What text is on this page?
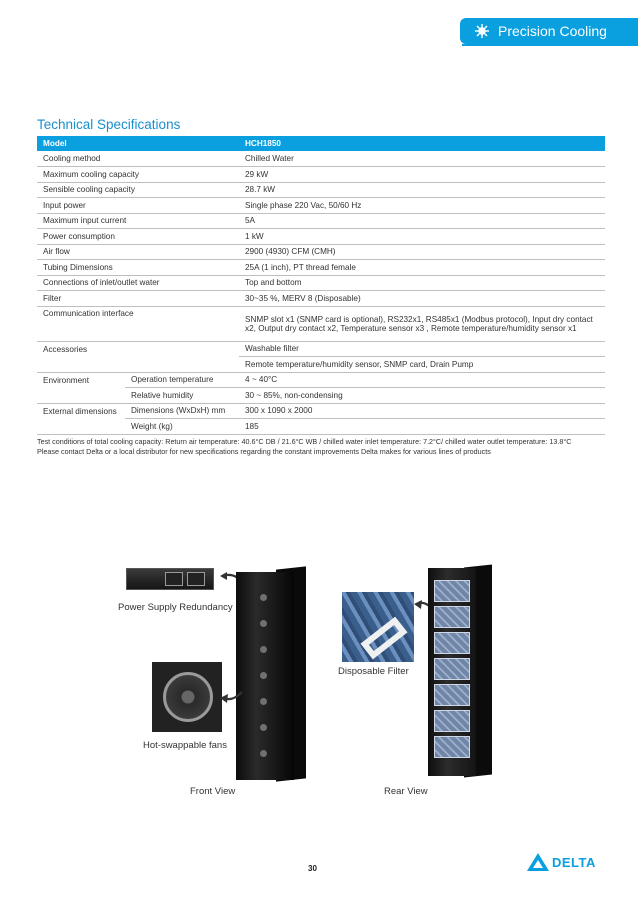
Precision Cooling
Technical Specifications
Model		HCH1850
Cooling method		Chilled Water
Maximum cooling capacity		29 kW
Sensible cooling capacity		28.7 kW
Input power		Single phase 220 Vac, 50/60 Hz
Maximum input current		5A
Power consumption		1 kW
Air flow		2900 (4930) CFM (CMH)
Tubing Dimensions		25A (1 inch), PT thread female
Connections of inlet/outlet water		Top and bottom
Filter		30~35 %, MERV 8 (Disposable)
Communication interface		SNMP slot x1 (SNMP card is optional), RS232x1, RS485x1 (Modbus protocol), Input dry contact x2, Output dry contact x2, Temperature sensor x3 , Remote temperature/humidity sensor x1
Accessories		Washable filter
		Remote temperature/humidity sensor, SNMP card, Drain Pump
Environment	Operation temperature	4 ~ 40°C
	Relative humidity	30 ~ 85%, non-condensing
External dimensions	Dimensions (WxDxH) mm	300 x 1090 x 2000
	Weight (kg)	185
Test conditions of total cooling capacity: Return air temperature: 40.6°C DB / 21.6°C WB / chilled water inlet temperature: 7.2°C/ chilled water outlet temperature: 13.8°C
Please contact Delta or a local distributor for new specifications regarding the constant improvements Delta makes for various lines of products
Power Supply Redundancy
Hot-swappable fans
Disposable Filter
Front View	Rear View
30	DELTA
